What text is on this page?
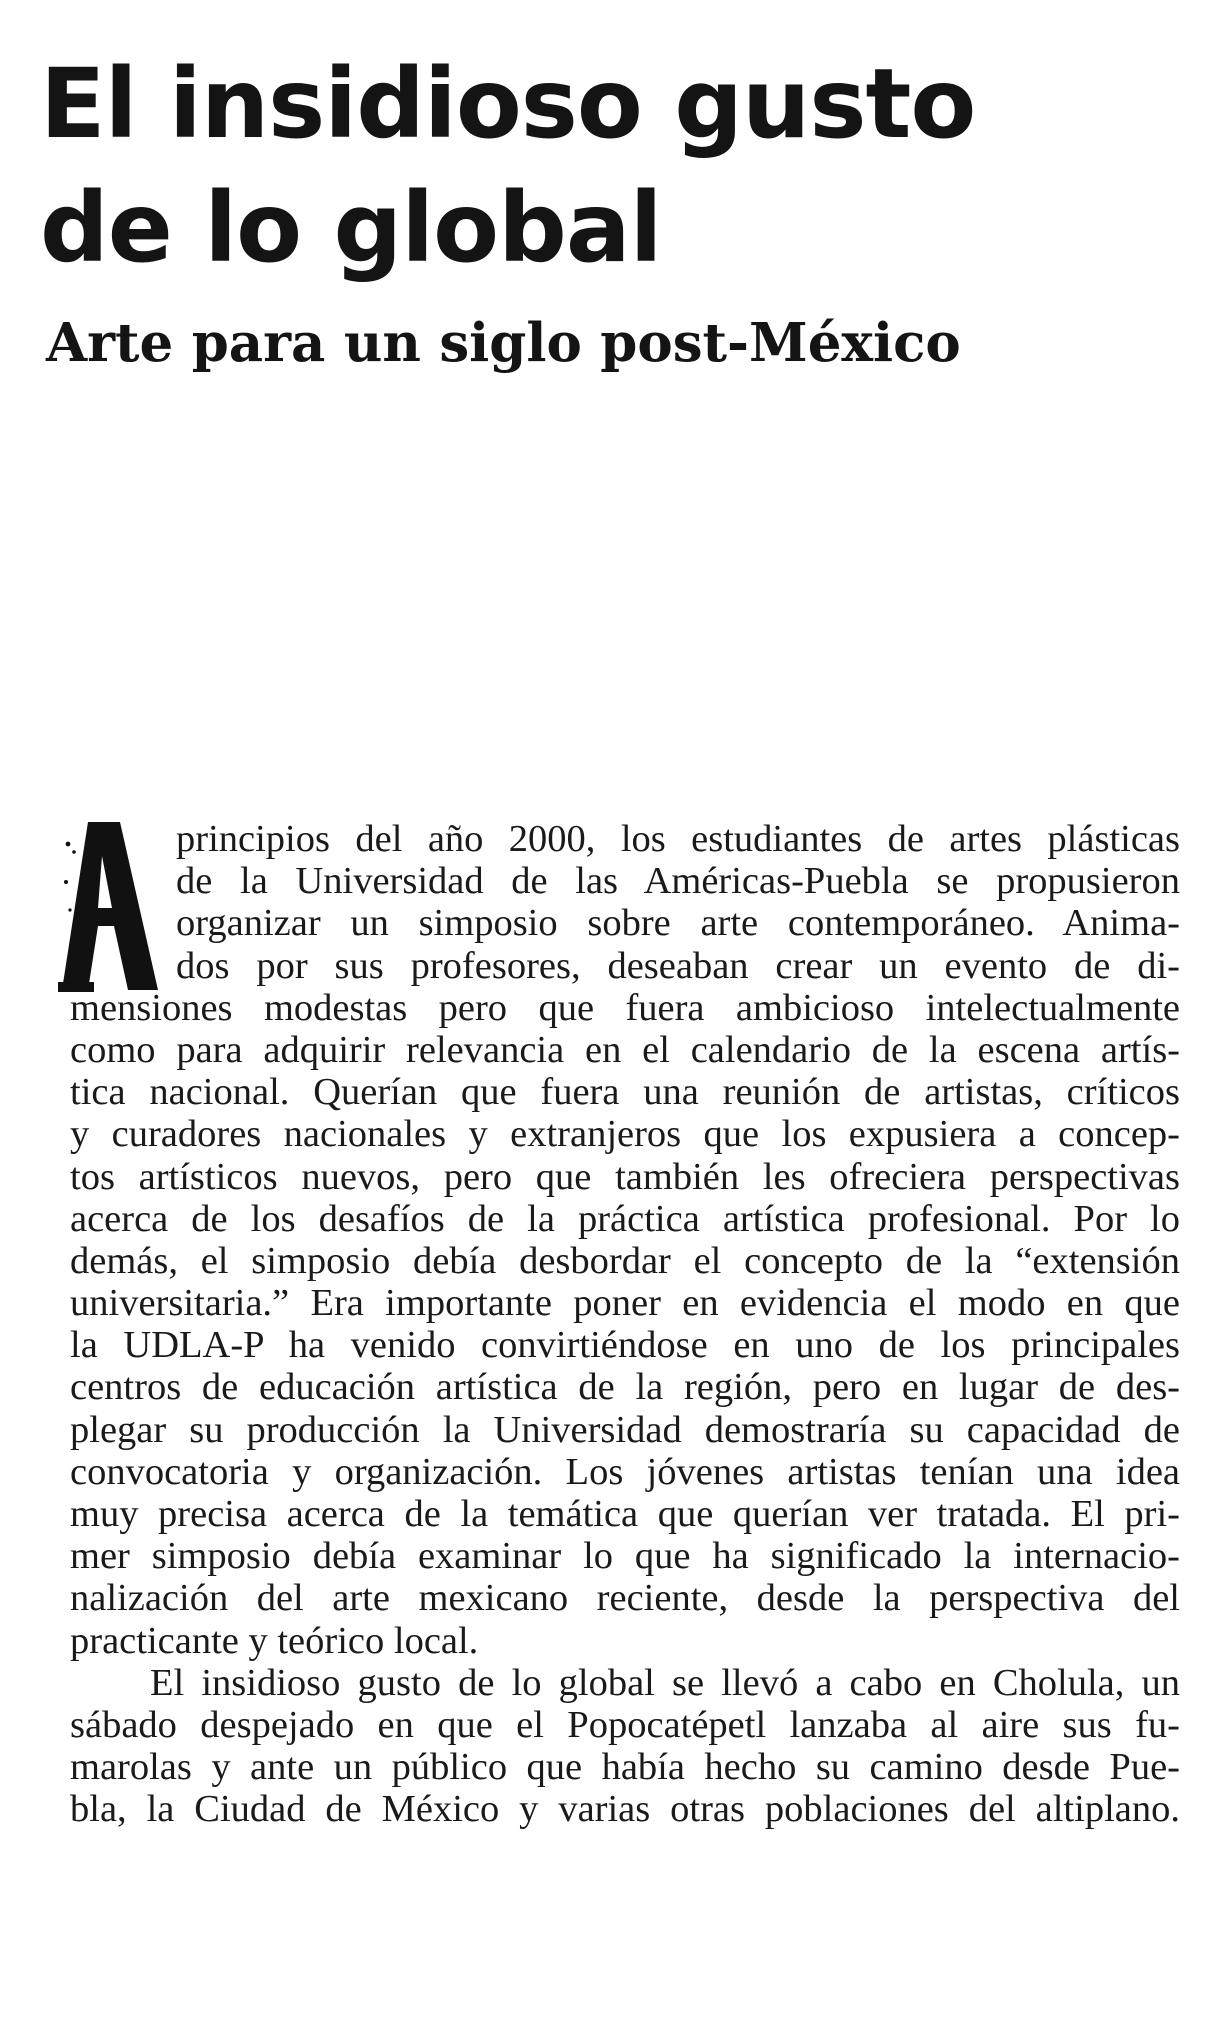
El insidioso gusto
de lo global
Arte para un siglo post-México
principios del año 2000, los estudiantes de artes plásticas
de la Universidad de las Américas-Puebla se propusieron
organizar un simposio sobre arte contemporáneo. Anima-
dos por sus profesores, deseaban crear un evento de di-
mensiones modestas pero que fuera ambicioso intelectualmente
como para adquirir relevancia en el calendario de la escena artís-
tica nacional. Querían que fuera una reunión de artistas, críticos
y curadores nacionales y extranjeros que los expusiera a concep-
tos artísticos nuevos, pero que también les ofreciera perspectivas
acerca de los desafíos de la práctica artística profesional. Por lo
demás, el simposio debía desbordar el concepto de la “extensión
universitaria.” Era importante poner en evidencia el modo en que
la UDLA-P ha venido convirtiéndose en uno de los principales
centros de educación artística de la región, pero en lugar de des-
plegar su producción la Universidad demostraría su capacidad de
convocatoria y organización. Los jóvenes artistas tenían una idea
muy precisa acerca de la temática que querían ver tratada. El pri-
mer simposio debía examinar lo que ha significado la internacio-
nalización del arte mexicano reciente, desde la perspectiva del
practicante y teórico local.
El insidioso gusto de lo global se llevó a cabo en Cholula, un
sábado despejado en que el Popocatépetl lanzaba al aire sus fu-
marolas y ante un público que había hecho su camino desde Pue-
bla, la Ciudad de México y varias otras poblaciones del altiplano.
